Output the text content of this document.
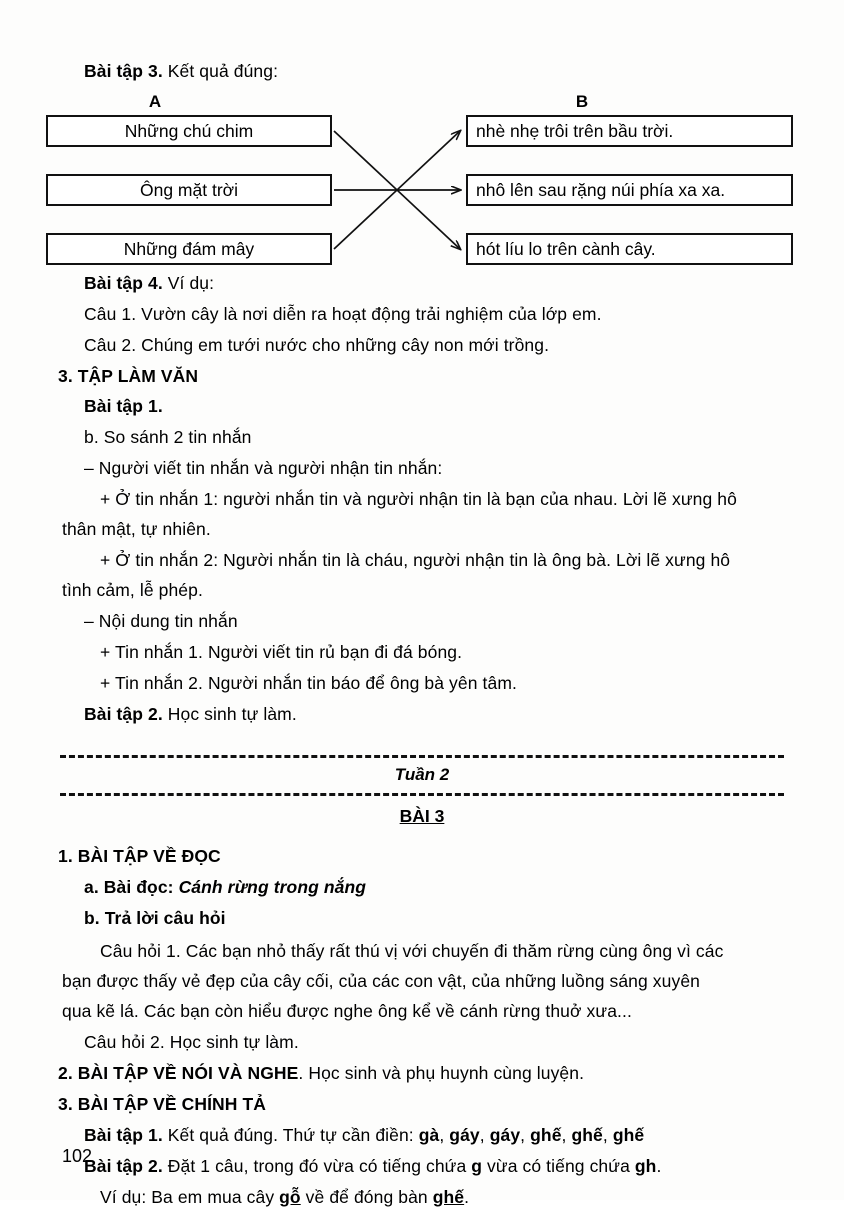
Bài tập 3. Kết quả đúng:
A	B
Những chú chim
Ông mặt trời
Những đám mây
nhè nhẹ trôi trên bầu trời.
nhô lên sau rặng núi phía xa xa.
hót líu lo trên cành cây.
Bài tập 4. Ví dụ:
Câu 1. Vườn cây là nơi diễn ra hoạt động trải nghiệm của lớp em.
Câu 2. Chúng em tưới nước cho những cây non mới trồng.
3. TẬP LÀM VĂN
Bài tập 1.
b. So sánh 2 tin nhắn
– Người viết tin nhắn và người nhận tin nhắn:
+ Ở tin nhắn 1: người nhắn tin và người nhận tin là bạn của nhau. Lời lẽ xưng hô
thân mật, tự nhiên.
+ Ở tin nhắn 2: Người nhắn tin là cháu, người nhận tin là ông bà. Lời lẽ xưng hô
tình cảm, lễ phép.
– Nội dung tin nhắn
+ Tin nhắn 1. Người viết tin rủ bạn đi đá bóng.
+ Tin nhắn 2. Người nhắn tin báo để ông bà yên tâm.
Bài tập 2. Học sinh tự làm.
Tuần 2
BÀI 3
1. BÀI TẬP VỀ ĐỌC
a. Bài đọc: Cánh rừng trong nắng
b. Trả lời câu hỏi
Câu hỏi 1. Các bạn nhỏ thấy rất thú vị với chuyến đi thăm rừng cùng ông vì các
bạn được thấy vẻ đẹp của cây cối, của các con vật, của những luồng sáng xuyên
qua kẽ lá. Các bạn còn hiểu được nghe ông kể về cánh rừng thuở xưa...
Câu hỏi 2. Học sinh tự làm.
2. BÀI TẬP VỀ NÓI VÀ NGHE. Học sinh và phụ huynh cùng luyện.
3. BÀI TẬP VỀ CHÍNH TẢ
Bài tập 1. Kết quả đúng. Thứ tự cần điền: gà, gáy, gáy, ghế, ghế, ghế
Bài tập 2. Đặt 1 câu, trong đó vừa có tiếng chứa g vừa có tiếng chứa gh.
Ví dụ: Ba em mua cây gỗ về để đóng bàn ghế.
102
